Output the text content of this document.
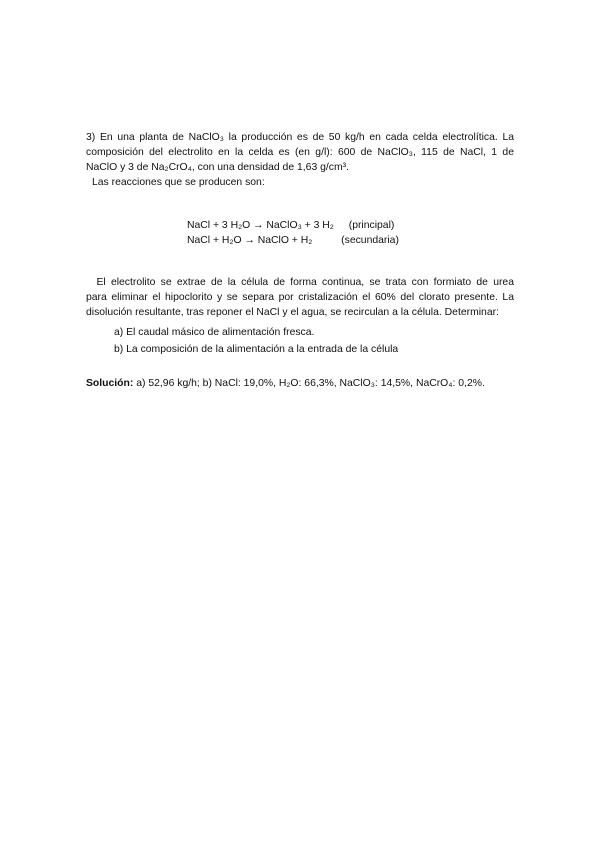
3) En una planta de NaClO₃ la producción es de 50 kg/h en cada celda electrolítica. La
composición del electrolito en la celda es (en g/l): 600 de NaClO₃, 115 de NaCl, 1 de
NaClO y 3 de Na₂CrO₄, con una densidad de 1,63 g/cm³.
Las reacciones que se producen son:
NaCl + 3 H₂O → NaClO₃ + 3 H₂ (principal)
NaCl + H₂O → NaClO + H₂	(secundaria)
El electrolito se extrae de la célula de forma continua, se trata con formiato de urea
para eliminar el hipoclorito y se separa por cristalización el 60% del clorato presente. La
disolución resultante, tras reponer el NaCl y el agua, se recirculan a la célula. Determinar:
a) El caudal másico de alimentación fresca.
b) La composición de la alimentación a la entrada de la célula
Solución: a) 52,96 kg/h; b) NaCl: 19,0%, H₂O: 66,3%, NaClO₃: 14,5%, NaCrO₄: 0,2%.
